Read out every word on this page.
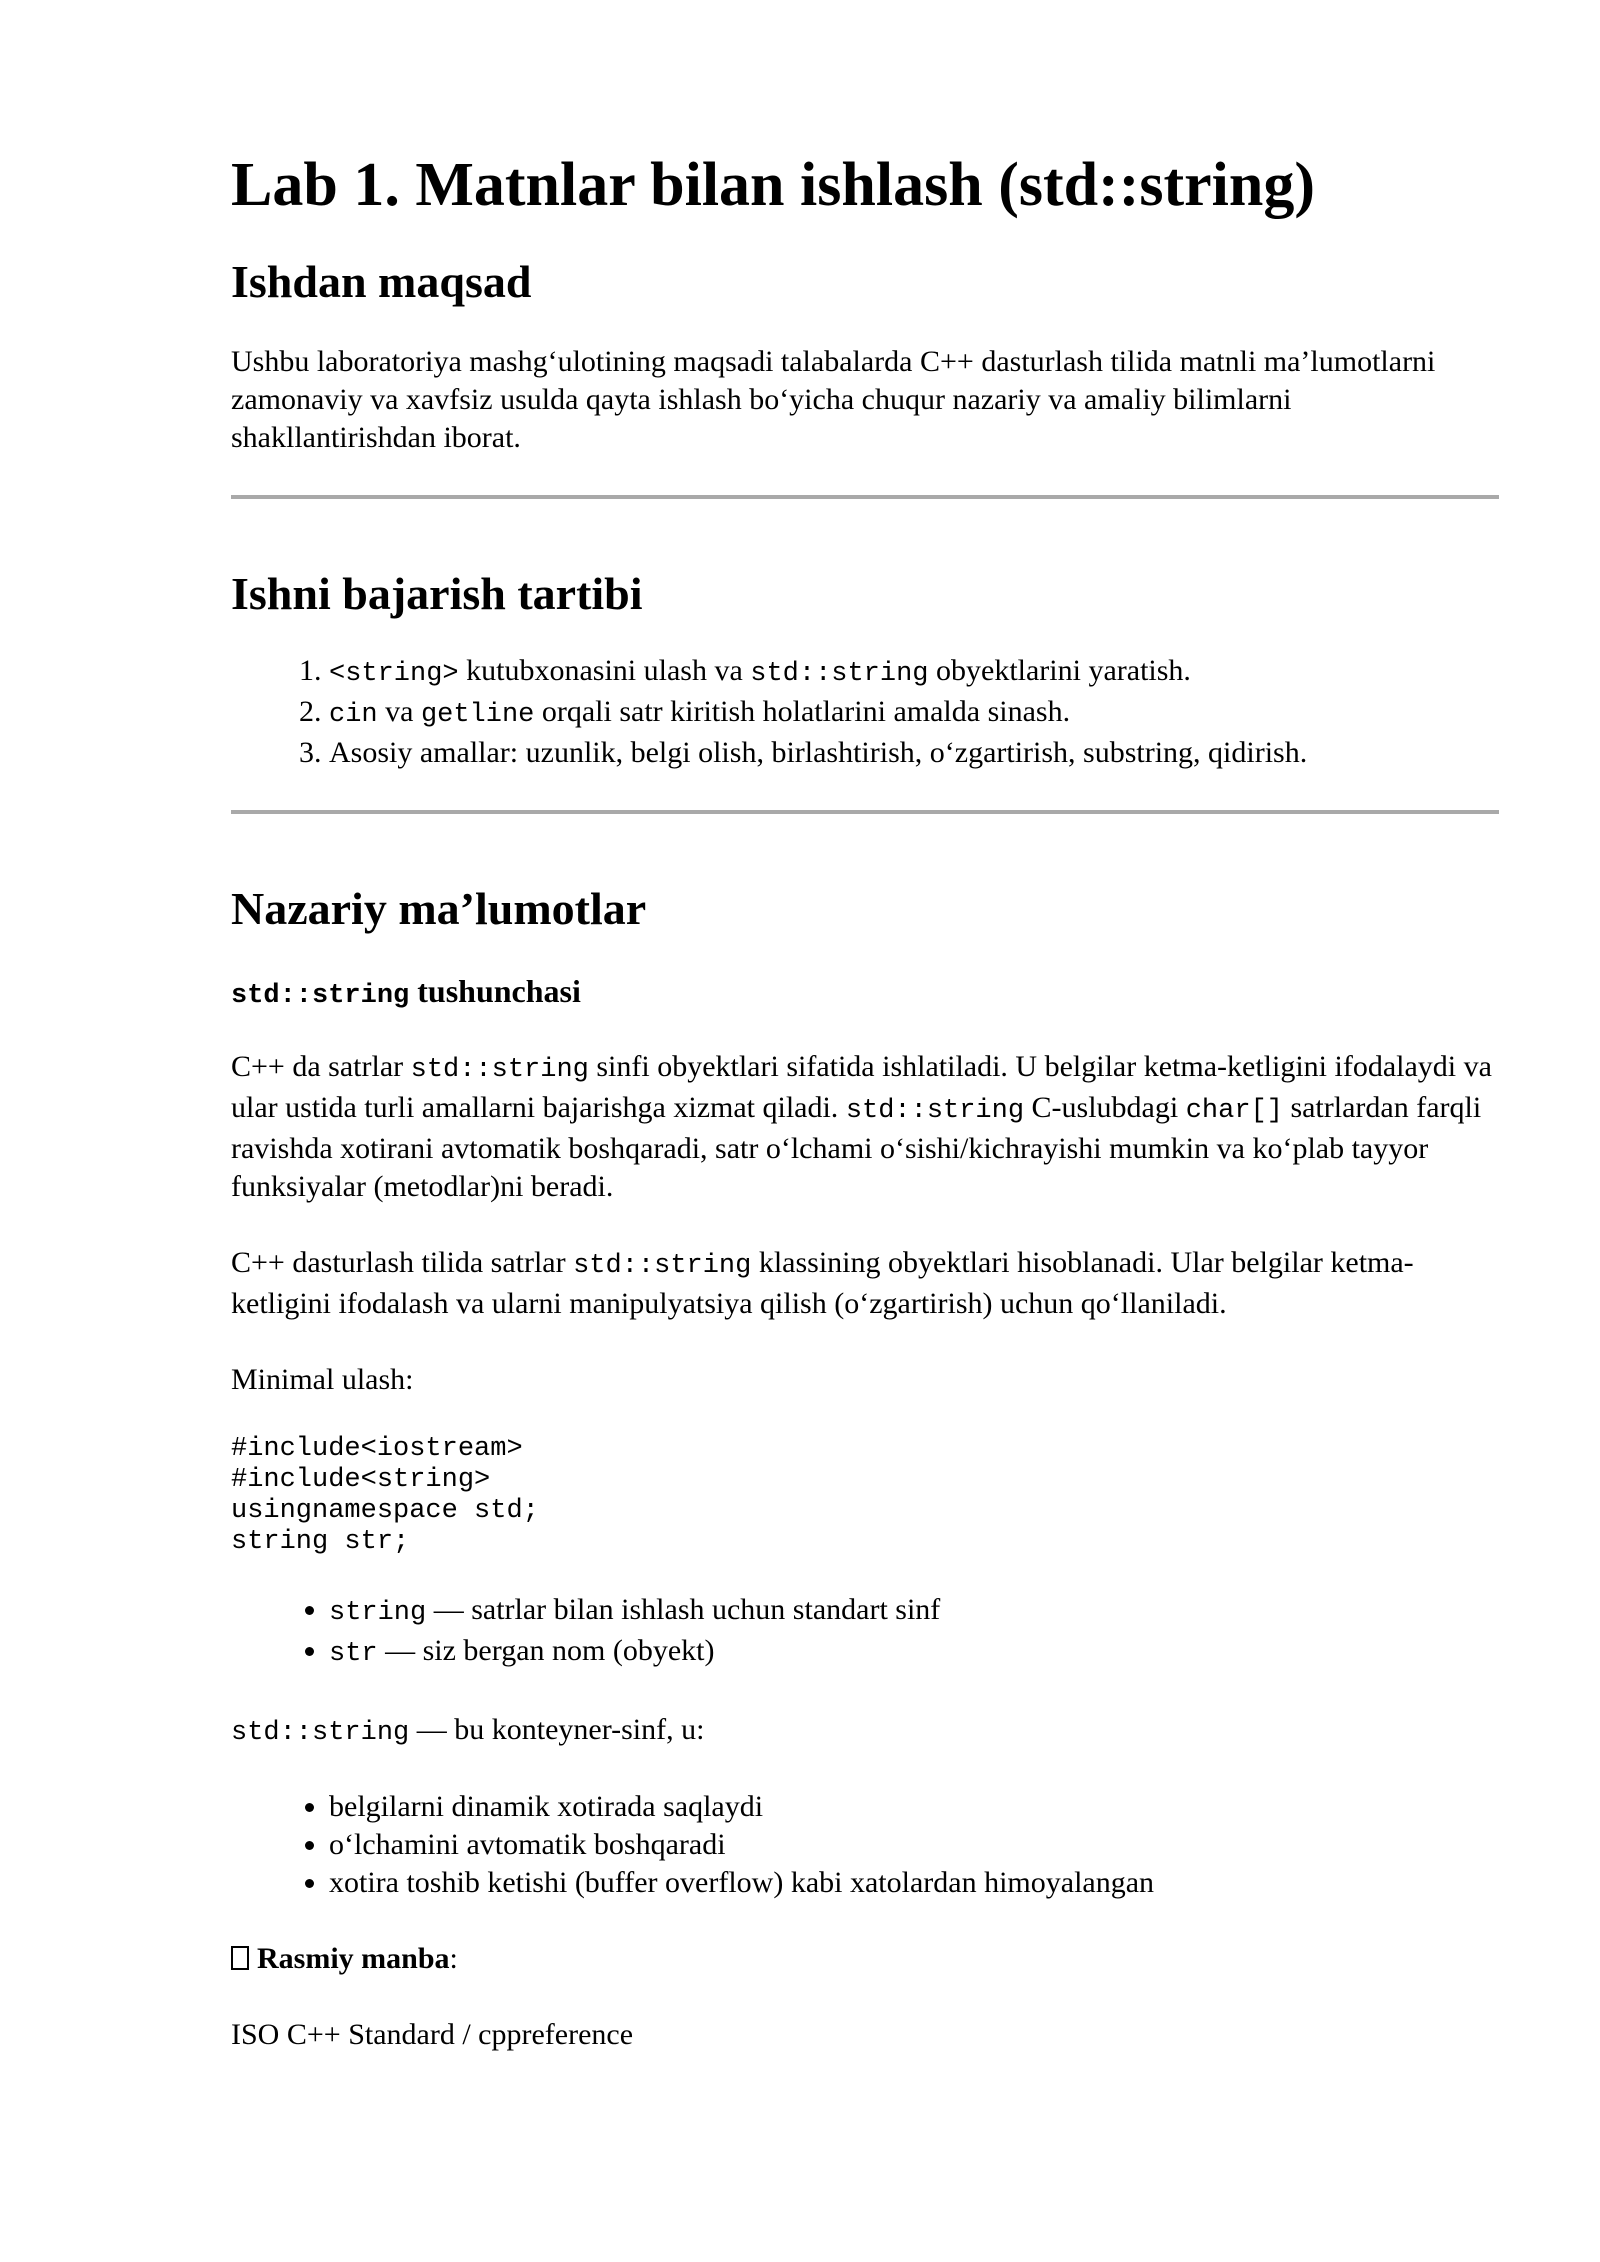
Lab 1. Matnlar bilan ishlash (std::string)
Ishdan maqsad

Ushbu laboratoriya mashg‘ulotining maqsadi talabalarda C++ dasturlash tilida matnli ma’lumotlarni zamonaviy va xavfsiz usulda qayta ishlash bo‘yicha chuqur nazariy va amaliy bilimlarni shakllantirishdan iborat.

Ishni bajarish tartibi
1. <string> kutubxonasini ulash va std::string obyektlarini yaratish.
2. cin va getline orqali satr kiritish holatlarini amalda sinash.
3. Asosiy amallar: uzunlik, belgi olish, birlashtirish, o‘zgartirish, substring, qidirish.
Nazariy ma’lumotlar
std::string tushunchasi

C++ da satrlar std::string sinfi obyektlari sifatida ishlatiladi. U belgilar ketma-ketligini ifodalaydi va ular ustida turli amallarni bajarishga xizmat qiladi. std::string C-uslubdagi char[] satrlardan farqli ravishda xotirani avtomatik boshqaradi, satr o‘lchami o‘sishi/kichrayishi mumkin va ko‘plab tayyor funksiyalar (metodlar)ni beradi.

C++ dasturlash tilida satrlar std::string klassining obyektlari hisoblanadi. Ular belgilar ketma-ketligini ifodalash va ularni manipulyatsiya qilish (o‘zgartirish) uchun qo‘llaniladi.

Minimal ulash:

#include<iostream>
#include<string>
usingnamespace std;
string str;
• string — satrlar bilan ishlash uchun standart sinf
• str — siz bergan nom (obyekt)

std::string — bu konteyner-sinf, u:

• belgilarni dinamik xotirada saqlaydi
• o‘lchamini avtomatik boshqaradi
• xotira toshib ketishi (buffer overflow) kabi xatolardan himoyalangan

Rasmiy manba:

ISO C++ Standard / cppreference
